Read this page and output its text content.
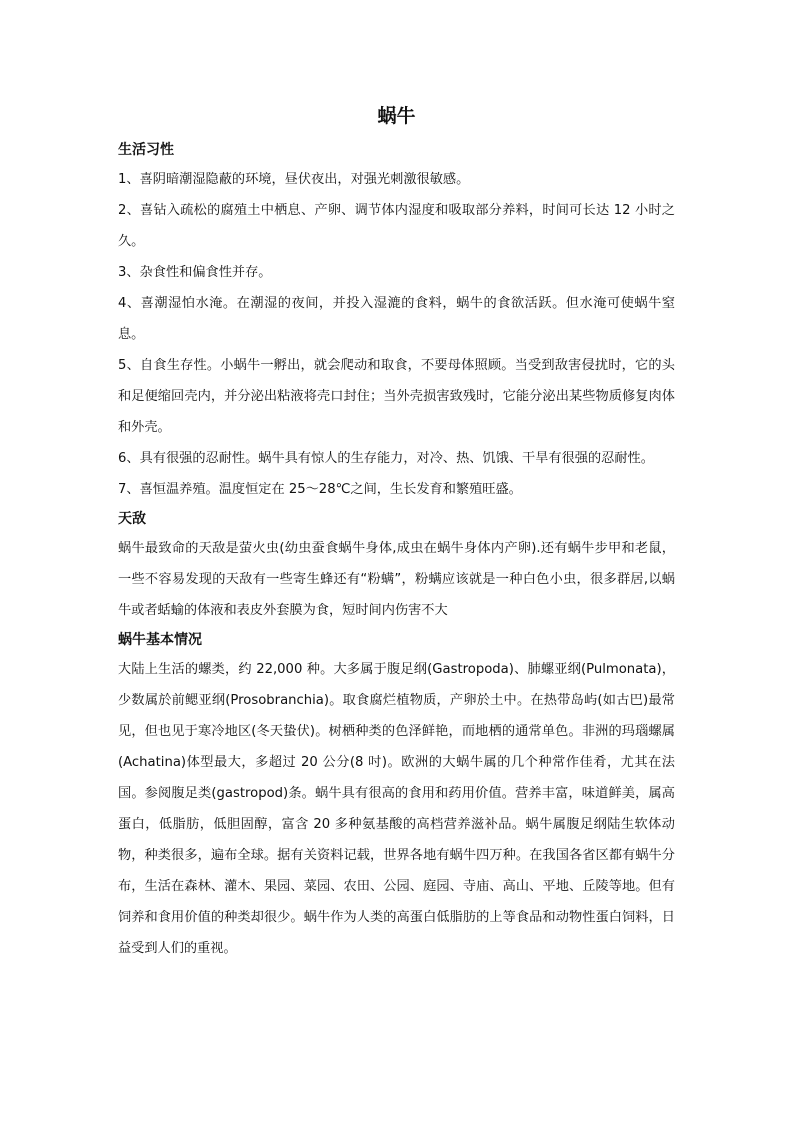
蜗牛
生活习性

1、喜阴暗潮湿隐蔽的环境，昼伏夜出，对强光刺激很敏感。

2、喜钻入疏松的腐殖土中栖息、产卵、调节体内湿度和吸取部分养料，时间可长达 12 小时之久。

3、杂食性和偏食性并存。

4、喜潮湿怕水淹。在潮湿的夜间，并投入湿漉的食料，蜗牛的食欲活跃。但水淹可使蜗牛窒息。

5、自食生存性。小蜗牛一孵出，就会爬动和取食，不要母体照顾。当受到敌害侵扰时，它的头和足便缩回壳内，并分泌出粘液将壳口封住；当外壳损害致残时，它能分泌出某些物质修复肉体和外壳。

6、具有很强的忍耐性。蜗牛具有惊人的生存能力，对冷、热、饥饿、干旱有很强的忍耐性。

7、喜恒温养殖。温度恒定在 25～28℃之间，生长发育和繁殖旺盛。

天敌

蜗牛最致命的天敌是萤火虫(幼虫蚕食蜗牛身体,成虫在蜗牛身体内产卵).还有蜗牛步甲和老鼠，一些不容易发现的天敌有一些寄生蜂还有“粉螨”，粉螨应该就是一种白色小虫，很多群居,以蜗牛或者蛞蝓的体液和表皮外套膜为食，短时间内伤害不大

蜗牛基本情况

大陆上生活的螺类，约 22,000 种。大多属于腹足纲(Gastropoda)、肺螺亚纲(Pulmonata)，少数属於前鳃亚纲(Prosobranchia)。取食腐烂植物质，产卵於土中。在热带岛屿(如古巴)最常见，但也见于寒冷地区(冬天蛰伏)。树栖种类的色泽鲜艳，而地栖的通常单色。非洲的玛瑙螺属(Achatina)体型最大，多超过 20 公分(8 吋)。欧洲的大蜗牛属的几个种常作佳肴，尤其在法国。参阅腹足类(gastropod)条。蜗牛具有很高的食用和药用价值。营养丰富，味道鲜美，属高蛋白，低脂肪，低胆固醇，富含 20 多种氨基酸的高档营养滋补品。蜗牛属腹足纲陆生软体动物，种类很多，遍布全球。据有关资料记载，世界各地有蜗牛四万种。在我国各省区都有蜗牛分布，生活在森林、灌木、果园、菜园、农田、公园、庭园、寺庙、高山、平地、丘陵等地。但有饲养和食用价值的种类却很少。蜗牛作为人类的高蛋白低脂肪的上等食品和动物性蛋白饲料，日益受到人们的重视。
